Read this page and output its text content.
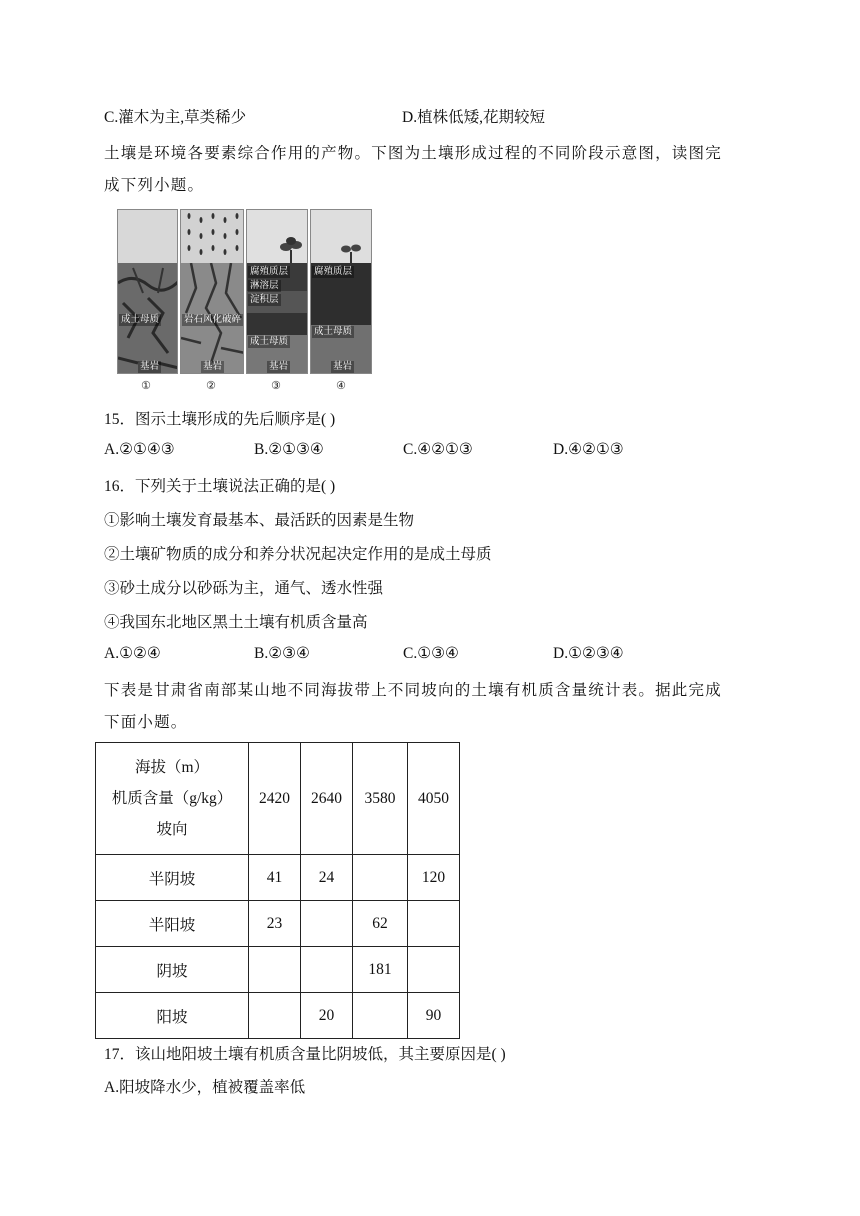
C.灌木为主,草类稀少	D.植株低矮,花期较短
土壤是环境各要素综合作用的产物。下图为土壤形成过程的不同阶段示意图，读图完
成下列小题。
成土母质
基岩
岩石风化破碎
基岩
腐殖质层
淋溶层
淀积层
成土母质
基岩
腐殖质层
成土母质
基岩
①	②	③	④
15．图示土壤形成的先后顺序是( )
A.②①④③	B.②①③④	C.④②①③	D.④②①③
16．下列关于土壤说法正确的是( )
①影响土壤发育最基本、最活跃的因素是生物
②土壤矿物质的成分和养分状况起决定作用的是成土母质
③砂土成分以砂砾为主，通气、透水性强
④我国东北地区黑土土壤有机质含量高
A.①②④	B.②③④	C.①③④	D.①②③④
下表是甘肃省南部某山地不同海拔带上不同坡向的土壤有机质含量统计表。据此完成
下面小题。
海拔（m）
机质含量（g/kg）
坡向	2420	2640	3580	4050
半阴坡	41	24		120
半阳坡	23		62	
阴坡			181	
阳坡		20		90
17．该山地阳坡土壤有机质含量比阴坡低，其主要原因是( )
A.阳坡降水少，植被覆盖率低
